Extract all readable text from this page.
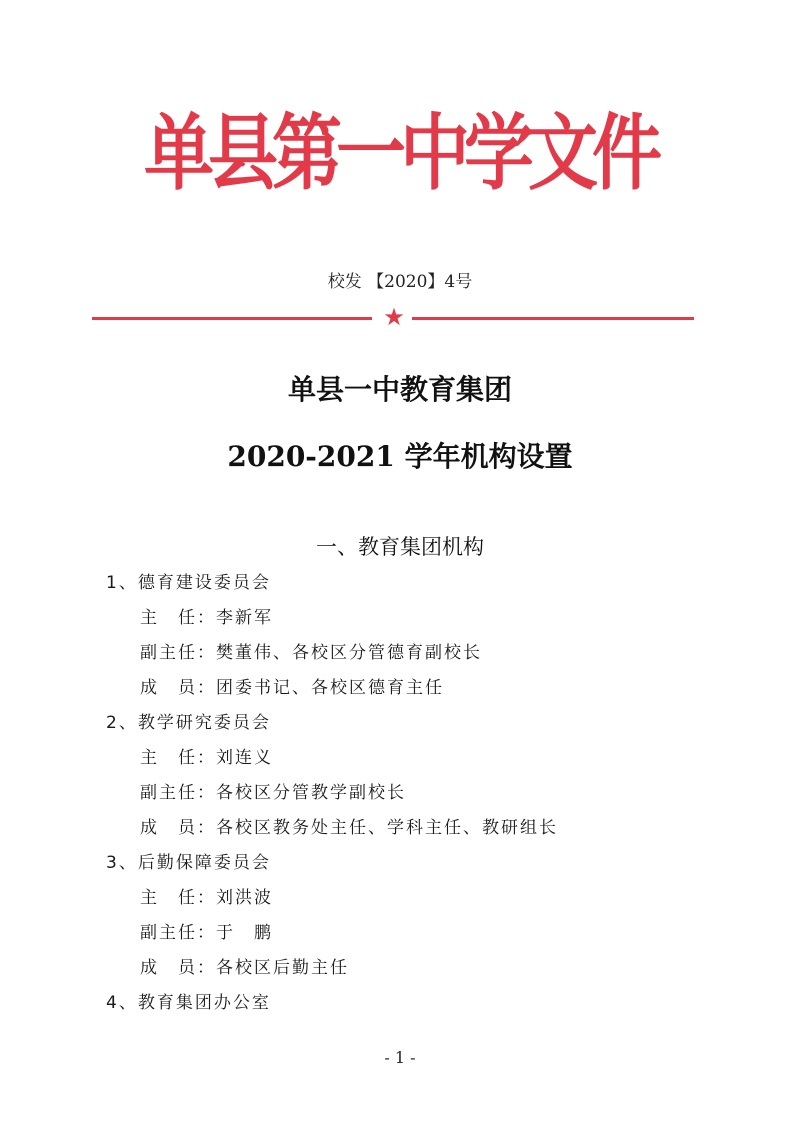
单县第一中学文件
校发 【2020】4号
★
单县一中教育集团
2020-2021 学年机构设置
一、教育集团机构
1、德育建设委员会
主　任：李新军
副主任：樊董伟、各校区分管德育副校长
成　员：团委书记、各校区德育主任
2、教学研究委员会
主　任：刘连义
副主任：各校区分管教学副校长
成　员：各校区教务处主任、学科主任、教研组长
3、后勤保障委员会
主　任：刘洪波
副主任：于　鹏
成　员：各校区后勤主任
4、教育集团办公室
- 1 -
